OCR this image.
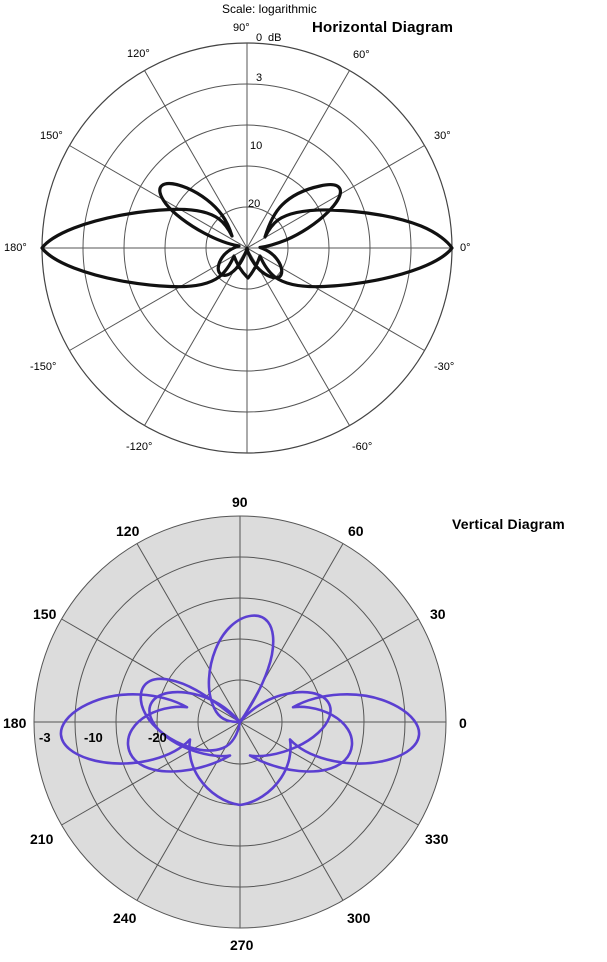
Scale: logarithmic
Horizontal Diagram
90°
120°
150°
180°
-150°
-120°	-60°
-30°
0°
30°
60°
0 dB
3
10
20
Vertical Diagram
90
120
150
180
210
240
270
300
330
0
30
60
-3	-10	-20
